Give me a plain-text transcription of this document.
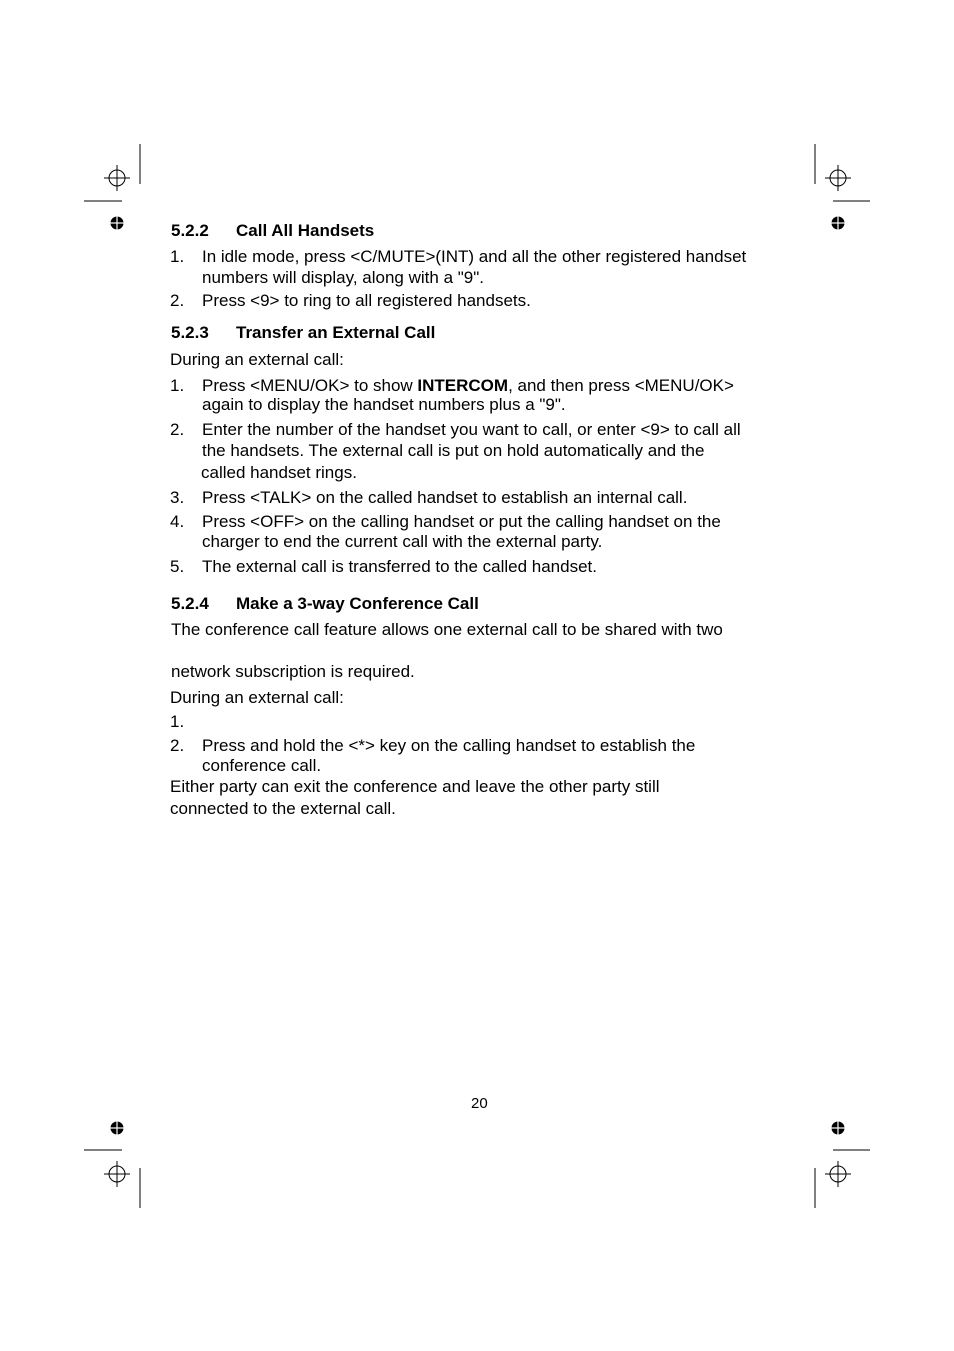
5.2.2 Call All Handsets
1. In idle mode, press <C/MUTE>(INT) and all the other registered handset
numbers will display, along with a "9".
2. Press <9> to ring to all registered handsets.
5.2.3 Transfer an External Call
During an external call:
1. Press <MENU/OK> to show INTERCOM, and then press <MENU/OK>
again to display the handset numbers plus a "9".
2. Enter the number of the handset you want to call, or enter <9> to call all
the handsets. The external call is put on hold automatically and the
called handset rings.
3. Press <TALK> on the called handset to establish an internal call.
4. Press <OFF> on the calling handset or put the calling handset on the
charger to end the current call with the external party.
5. The external call is transferred to the called handset.
5.2.4 Make a 3-way Conference Call
The conference call feature allows one external call to be shared with two
network subscription is required.
During an external call:
1.
2. Press and hold the <*> key on the calling handset to establish the
conference call.
Either party can exit the conference and leave the other party still
connected to the external call.
20
